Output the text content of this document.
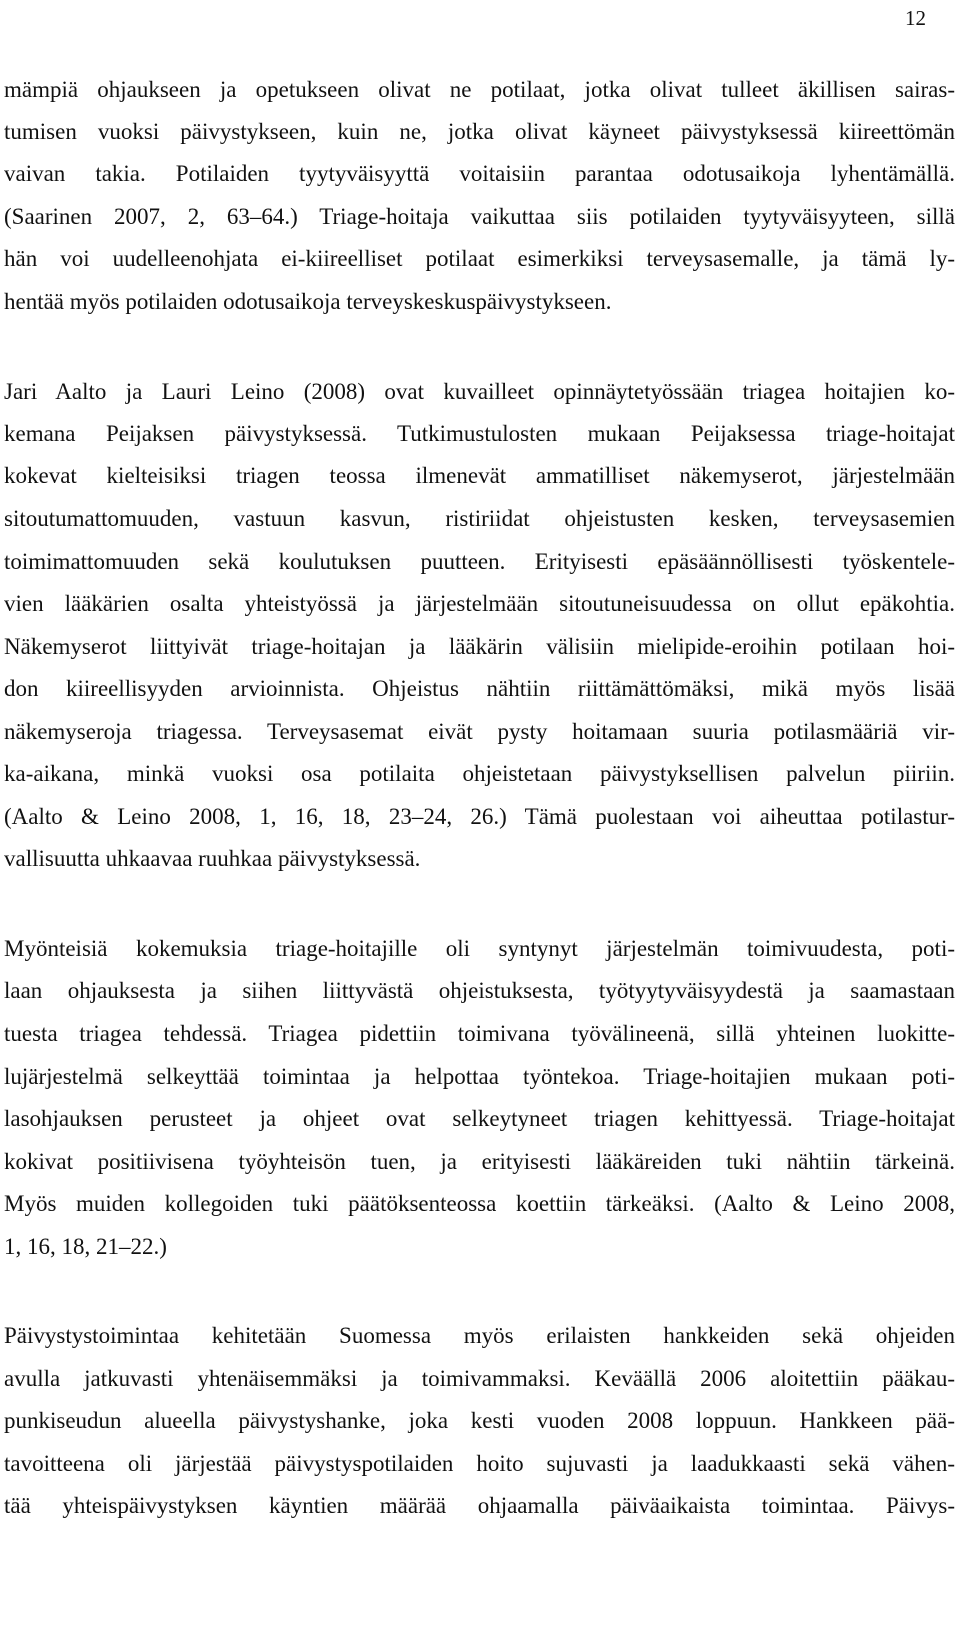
12
mämpiä ohjaukseen ja opetukseen olivat ne potilaat, jotka olivat tulleet äkillisen sairas-
tumisen vuoksi päivystykseen, kuin ne, jotka olivat käyneet päivystyksessä kiireettömän
vaivan takia. Potilaiden tyytyväisyyttä voitaisiin parantaa odotusaikoja lyhentämällä.
(Saarinen 2007, 2, 63–64.) Triage-hoitaja vaikuttaa siis potilaiden tyytyväisyyteen, sillä
hän voi uudelleenohjata ei-kiireelliset potilaat esimerkiksi terveysasemalle, ja tämä ly-
hentää myös potilaiden odotusaikoja terveyskeskuspäivystykseen.
Jari Aalto ja Lauri Leino (2008) ovat kuvailleet opinnäytetyössään triagea hoitajien ko-
kemana Peijaksen päivystyksessä. Tutkimustulosten mukaan Peijaksessa triage-hoitajat
kokevat kielteisiksi triagen teossa ilmenevät ammatilliset näkemyserot, järjestelmään
sitoutumattomuuden, vastuun kasvun, ristiriidat ohjeistusten kesken, terveysasemien
toimimattomuuden sekä koulutuksen puutteen. Erityisesti epäsäännöllisesti työskentele-
vien lääkärien osalta yhteistyössä ja järjestelmään sitoutuneisuudessa on ollut epäkohtia.
Näkemyserot liittyivät triage-hoitajan ja lääkärin välisiin mielipide-eroihin potilaan hoi-
don kiireellisyyden arvioinnista. Ohjeistus nähtiin riittämättömäksi, mikä myös lisää
näkemyseroja triagessa. Terveysasemat eivät pysty hoitamaan suuria potilasmääriä vir-
ka-aikana, minkä vuoksi osa potilaita ohjeistetaan päivystyksellisen palvelun piiriin.
(Aalto & Leino 2008, 1, 16, 18, 23–24, 26.) Tämä puolestaan voi aiheuttaa potilastur-
vallisuutta uhkaavaa ruuhkaa päivystyksessä.
Myönteisiä kokemuksia triage-hoitajille oli syntynyt järjestelmän toimivuudesta, poti-
laan ohjauksesta ja siihen liittyvästä ohjeistuksesta, työtyytyväisyydestä ja saamastaan
tuesta triagea tehdessä. Triagea pidettiin toimivana työvälineenä, sillä yhteinen luokitte-
lujärjestelmä selkeyttää toimintaa ja helpottaa työntekoa. Triage-hoitajien mukaan poti-
lasohjauksen perusteet ja ohjeet ovat selkeytyneet triagen kehittyessä. Triage-hoitajat
kokivat positiivisena työyhteisön tuen, ja erityisesti lääkäreiden tuki nähtiin tärkeinä.
Myös muiden kollegoiden tuki päätöksenteossa koettiin tärkeäksi. (Aalto & Leino 2008,
1, 16, 18, 21–22.)
Päivystystoimintaa kehitetään Suomessa myös erilaisten hankkeiden sekä ohjeiden
avulla jatkuvasti yhtenäisemmäksi ja toimivammaksi. Keväällä 2006 aloitettiin pääkau-
punkiseudun alueella päivystyshanke, joka kesti vuoden 2008 loppuun. Hankkeen pää-
tavoitteena oli järjestää päivystyspotilaiden hoito sujuvasti ja laadukkaasti sekä vähen-
tää yhteispäivystyksen käyntien määrää ohjaamalla päiväaikaista toimintaa. Päivys-
